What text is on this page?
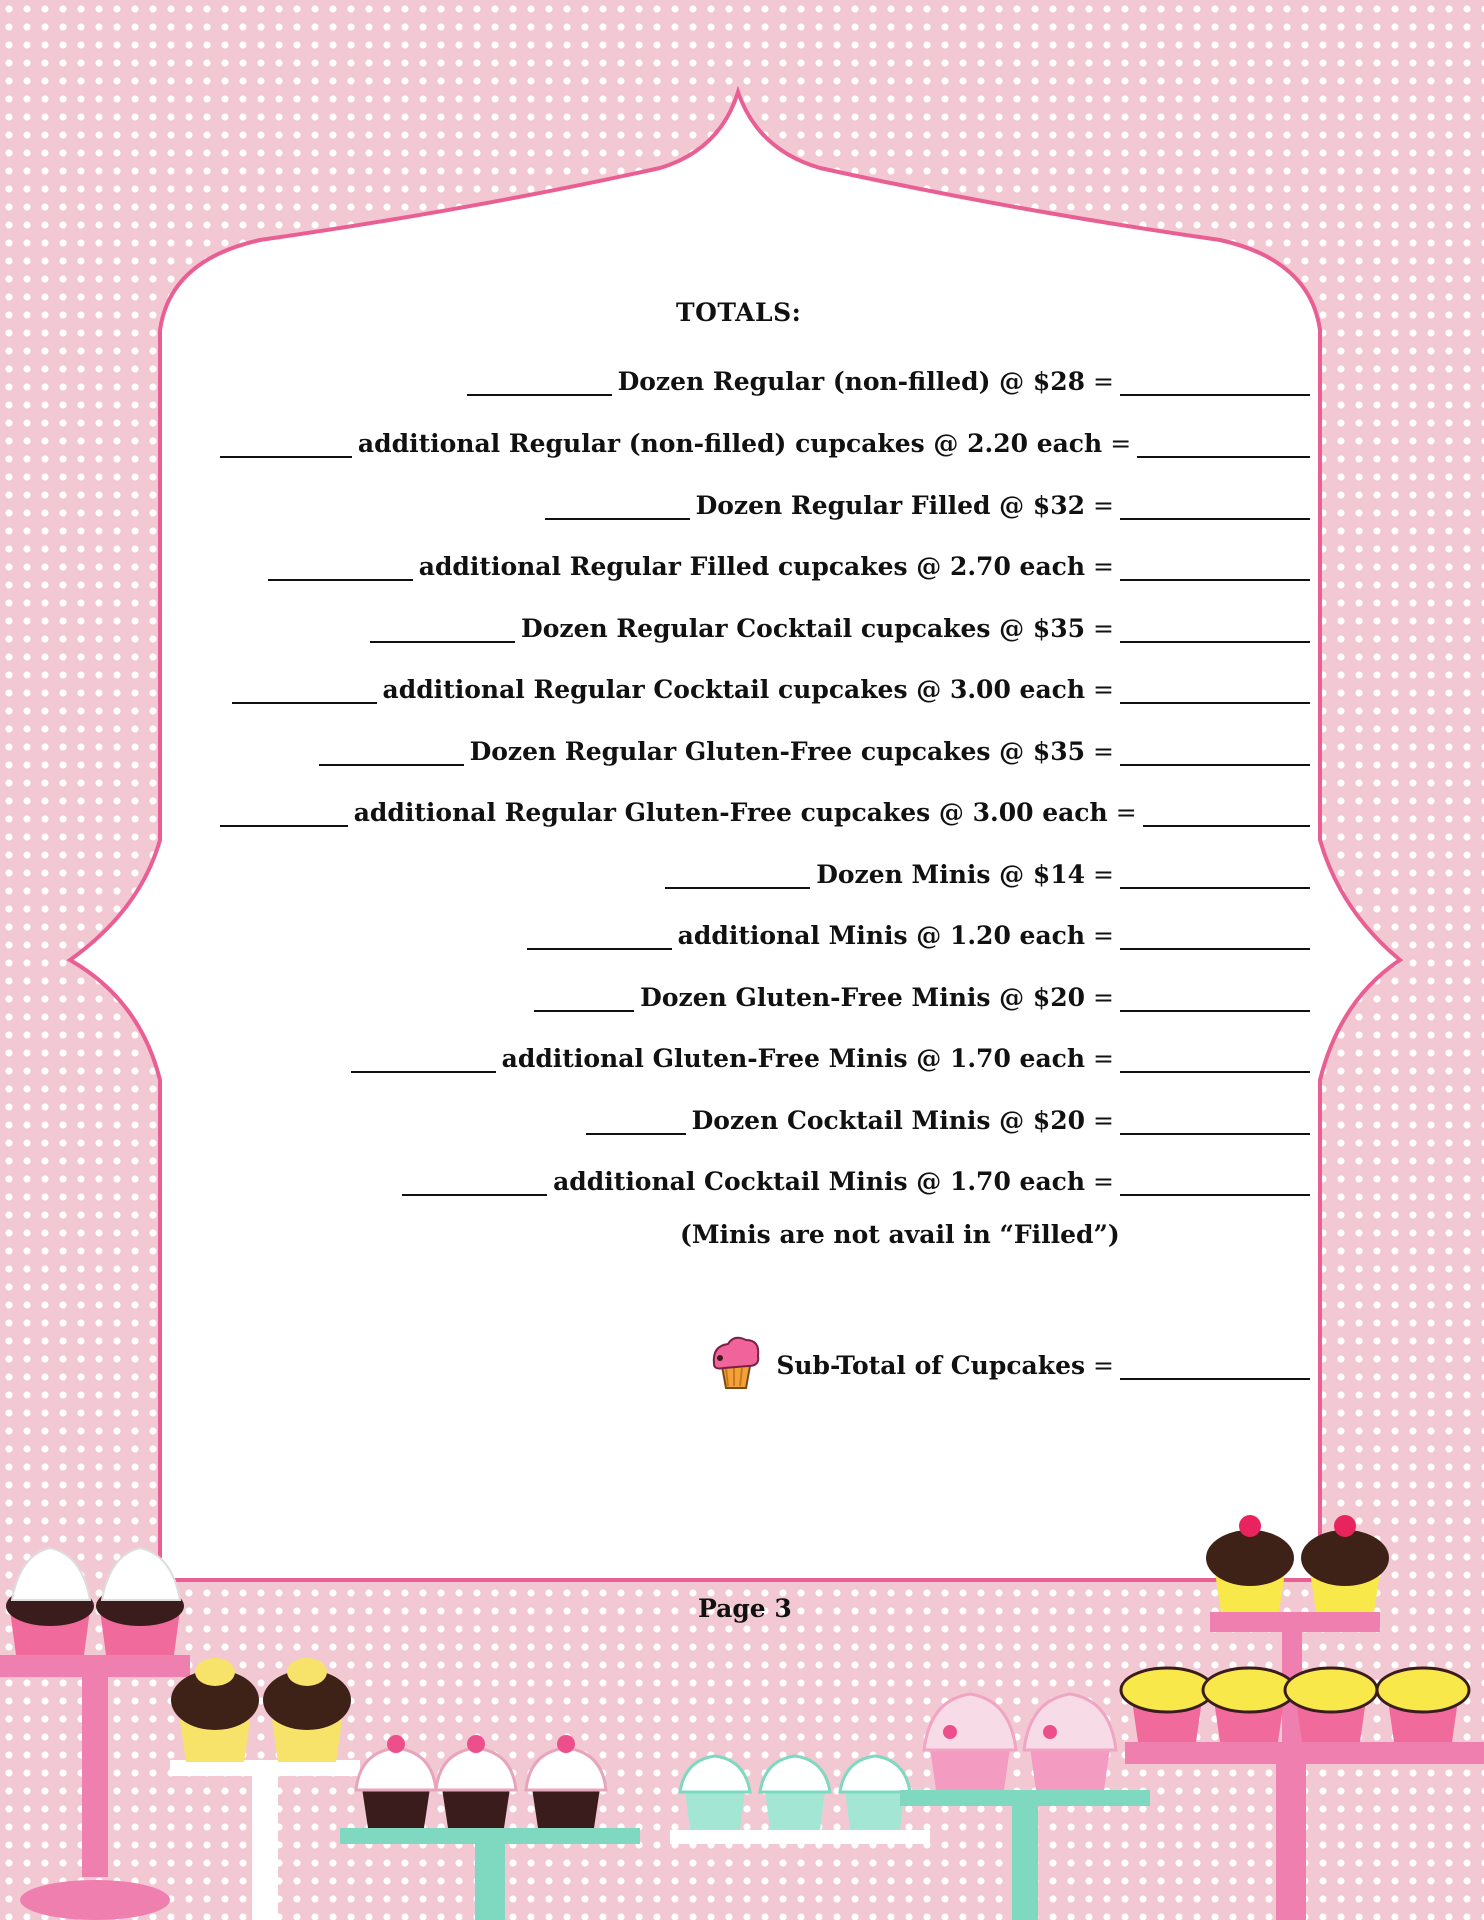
TOTALS:
Dozen Regular (non-filled) @ $28 =
additional Regular (non-filled) cupcakes @ 2.20 each =
Dozen Regular Filled @ $32 =
additional Regular Filled cupcakes @ 2.70 each =
Dozen Regular Cocktail cupcakes @ $35 =
additional Regular Cocktail cupcakes @ 3.00 each =
Dozen Regular Gluten-Free cupcakes @ $35 =
additional Regular Gluten-Free cupcakes @ 3.00 each =
Dozen Minis @ $14 =
additional Minis @ 1.20 each =
Dozen Gluten-Free Minis @ $20 =
additional Gluten-Free Minis @ 1.70 each =
Dozen Cocktail Minis @ $20 =
additional Cocktail Minis @ 1.70 each =

(Minis are not avail in “Filled”)

Sub-Total of Cupcakes =

Page 3
